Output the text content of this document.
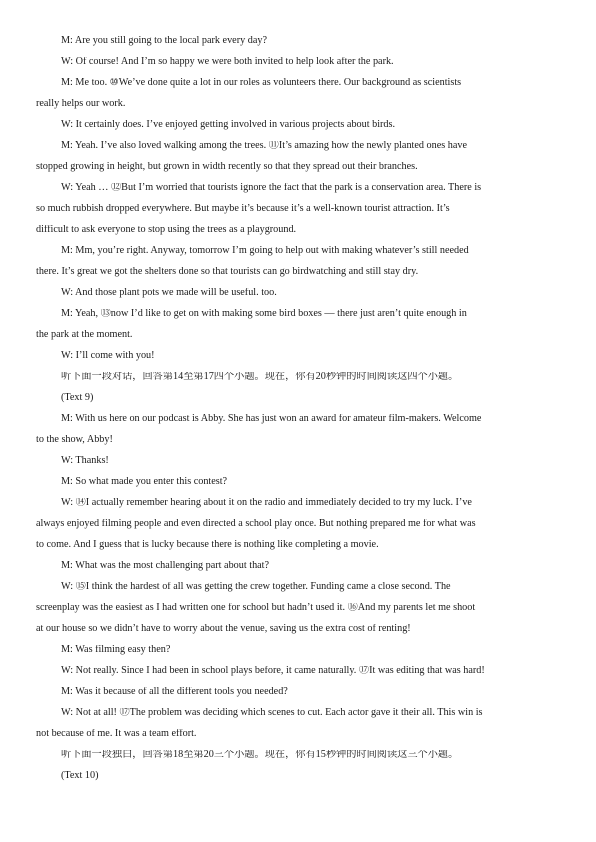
M: Are you still going to the local park every day?
W: Of course! And I’m so happy we were both invited to help look after the park.
M: Me too. ⑩We’ve done quite a lot in our roles as volunteers there. Our background as scientists
really helps our work.
W: It certainly does. I’ve enjoyed getting involved in various projects about birds.
M: Yeah. I’ve also loved walking among the trees. ⑪It’s amazing how the newly planted ones have
stopped growing in height, but grown in width recently so that they spread out their branches.
W: Yeah … ⑫But I’m worried that tourists ignore the fact that the park is a conservation area. There is
so much rubbish dropped everywhere. But maybe it’s because it’s a well-known tourist attraction. It’s
difficult to ask everyone to stop using the trees as a playground.
M: Mm, you’re right. Anyway, tomorrow I’m going to help out with making whatever’s still needed
there. It’s great we got the shelters done so that tourists can go birdwatching and still stay dry.
W: And those plant pots we made will be useful. too.
M: Yeah, ⑬now I’d like to get on with making some bird boxes — there just aren’t quite enough in
the park at the moment.
W: I’ll come with you!
听下面一段对话，回答第14至第17四个小题。现在，你有20秒钟的时间阅读这四个小题。
(Text 9)
M: With us here on our podcast is Abby. She has just won an award for amateur film-makers. Welcome
to the show, Abby!
W: Thanks!
M: So what made you enter this contest?
W: ⑭I actually remember hearing about it on the radio and immediately decided to try my luck. I’ve
always enjoyed filming people and even directed a school play once. But nothing prepared me for what was
to come. And I guess that is lucky because there is nothing like completing a movie.
M: What was the most challenging part about that?
W: ⑮I think the hardest of all was getting the crew together. Funding came a close second. The
screenplay was the easiest as I had written one for school but hadn’t used it. ⑯And my parents let me shoot
at our house so we didn’t have to worry about the venue, saving us the extra cost of renting!
M: Was filming easy then?
W: Not really. Since I had been in school plays before, it came naturally. ⑰It was editing that was hard!
M: Was it because of all the different tools you needed?
W: Not at all! ⑰The problem was deciding which scenes to cut. Each actor gave it their all. This win is
not because of me. It was a team effort.
听下面一段独白，回答第18至第20三个小题。现在，你有15秒钟的时间阅读这三个小题。
(Text 10)
